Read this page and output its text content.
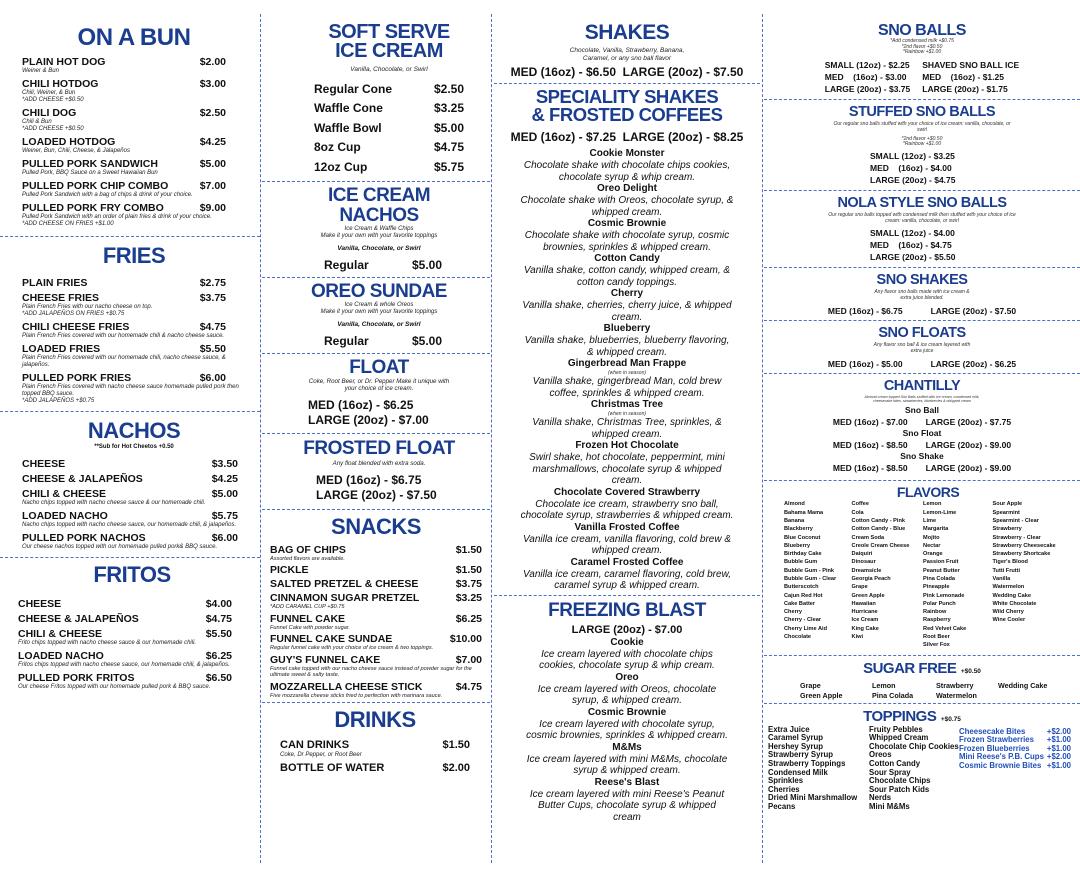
ON A BUN
PLAIN HOT DOG	$2.00
Weiner & Bun
CHILI HOTDOG	$3.00
Chili, Weiner, & Bun
*ADD CHEESE +$0.50
CHILI DOG	$2.50
Chili & Bun
*ADD CHEESE +$0.50
LOADED HOTDOG	$4.25
Weiner, Bun, Chili, Cheese, & Jalapeños
PULLED PORK SANDWICH	$5.00
Pulled Pork, BBQ Sauce on a Sweet Hawaiian Bun
PULLED PORK CHIP COMBO	$7.00
Pulled Pork Sandwich with a bag of chips & drink of your choice.
PULLED PORK FRY COMBO	$9.00
Pulled Pork Sandwich with an order of plain fries & drink of your choice.
*ADD CHEESE ON FRIES +$1.00
FRIES
PLAIN FRIES	$2.75
CHEESE FRIES	$3.75
Plain French Fries with our nacho cheese on top.
*ADD JALAPEÑOS ON FRIES +$0.75
CHILI CHEESE FRIES	$4.75
Plain French Fries covered with our homemade chili & nacho cheese sauce.
LOADED FRIES	$5.50
Plain French Fries covered with our homemade chili, nacho cheese sauce, & jalapeños.
PULLED PORK FRIES	$6.00
Plain French Fries covered with nacho cheese sauce homemade pulled pork then topped BBQ sauce.
*ADD JALAPEÑOS +$0.75
NACHOS
**Sub for Hot Cheetos +0.50
CHEESE	$3.50
CHEESE & JALAPEÑOS	$4.25
CHILI & CHEESE	$5.00
Nacho chips topped with nacho cheese sauce & our homemade chili.
LOADED NACHO	$5.75
Nacho chips topped with nacho cheese sauce, our homemade chili, & jalapeños.
PULLED PORK NACHOS	$6.00
Our cheese nachos topped with our homemade pulled pork& BBQ sauce.
FRITOS
CHEESE	$4.00
CHEESE & JALAPEÑOS	$4.75
CHILI & CHEESE	$5.50
Frito chips topped with nacho cheese sauce & our homemade chili.
LOADED NACHO	$6.25
Fritos chips topped with nacho cheese sauce, our homemade chili, & jalapeños.
PULLED PORK FRITOS	$6.50
Our cheese Fritos topped with our homemade pulled pork & BBQ sauce.
SOFT SERVE
ICE CREAM
Vanilla, Chocolate, or Swirl
Regular Cone	$2.50
Waffle Cone	$3.25
Waffle Bowl	$5.00
8oz Cup	$4.75
12oz Cup	$5.75
ICE CREAM NACHOS
Ice Cream & Waffle Chips
Make it your own with your favorite toppings
Vanilla, Chocolate, or Swirl
Regular	$5.00
OREO SUNDAE
Ice Cream & whole Oreos
Make it your own with your favorite toppings
Vanilla, Chocolate, or Swirl
Regular	$5.00
FLOAT
Coke, Root Beer, or Dr. Pepper Make it unique with your choice of ice cream.
MED (16oz) - $6.25
LARGE (20oz) - $7.00
FROSTED FLOAT
Any float blended with extra soda.
MED (16oz) - $6.75
LARGE (20oz) - $7.50
SNACKS
BAG OF CHIPS	$1.50
Assorted flavors are available.
PICKLE	$1.50
SALTED PRETZEL & CHEESE	$3.75
CINNAMON SUGAR PRETZEL	$3.25
*ADD CARAMEL CUP +$0.75
FUNNEL CAKE	$6.25
Funnel Cake with powder sugar.
FUNNEL CAKE SUNDAE	$10.00
Regular funnel cake with your choice of ice cream & two toppings.
GUY'S FUNNEL CAKE	$7.00
Funnel cake topped with our nacho cheese sauce instead of powder sugar for the ultimate sweet & salty taste.
MOZZARELLA CHEESE STICK	$4.75
Five mozzarella cheese sticks fried to perfection with marinara sauce.
DRINKS
CAN DRINKS	$1.50
Coke, Dr Pepper, or Root Beer
BOTTLE OF WATER	$2.00
SHAKES
Chocolate, Vanilla, Strawberry, Banana, Caramel, or any sno ball flavor
MED (16oz) - $6.50  LARGE (20oz) - $7.50
SPECIALITY SHAKES
& FROSTED COFFEES
MED (16oz) - $7.25  LARGE (20oz) - $8.25
Cookie Monster
Chocolate shake with chocolate chips cookies, chocolate syrup & whip cream.
Oreo Delight
Chocolate shake with Oreos, chocolate syrup, & whipped cream.
Cosmic Brownie
Chocolate shake with chocolate syrup, cosmic brownies, sprinkles & whipped cream.
Cotton Candy
Vanilla shake, cotton candy, whipped cream, & cotton candy toppings.
Cherry
Vanilla shake, cherries, cherry juice, & whipped cream.
Blueberry
Vanilla shake, blueberries, blueberry flavoring, & whipped cream.
Gingerbread Man Frappe
(when in season)
Vanilla shake, gingerbread Man, cold brew coffee, sprinkles & whipped cream.
Christmas Tree
(when in season)
Vanilla shake, Christmas Tree, sprinkles, & whipped cream.
Frozen Hot Chocolate
Swirl shake, hot chocolate, peppermint, mini marshmallows, chocolate syrup & whipped cream.
Chocolate Covered Strawberry
Chocolate ice cream, strawberry sno ball, chocolate syrup, strawberries & whipped cream.
Vanilla Frosted Coffee
Vanilla ice cream, vanilla flavoring, cold brew & whipped cream.
Caramel Frosted Coffee
Vanilla ice cream, caramel flavoring, cold brew, caramel syrup & whipped cream.
FREEZING BLAST
LARGE (20oz) - $7.00
Cookie
Ice cream layered with chocolate chips cookies, chocolate syrup & whip cream.
Oreo
Ice cream layered with Oreos, chocolate syrup, & whipped cream.
Cosmic Brownie
Ice cream layered with chocolate syrup, cosmic brownies, sprinkles & whipped cream.
M&Ms
Ice cream layered with mini M&Ms, chocolate syrup & whipped cream.
Reese's Blast
Ice cream layered with mini Reese's Peanut Butter Cups, chocolate syrup & whipped cream
SNO BALLS
*Add condensed milk +$0.75
*2nd flavor +$0.50
*Rainbow +$1.00
SMALL (12oz) - $2.25
MED    (16oz) - $3.00
LARGE (20oz) - $3.75
SHAVED SNO BALL ICE
MED    (16oz) - $1.25
LARGE (20oz) - $1.75
STUFFED SNO BALLS
Our regular sno balls stuffed with your choice of ice cream: vanilla, chocolate, or swirl
*2nd flavor +$0.50
*Rainbow +$1.00
SMALL (12oz) - $3.25
MED    (16oz) - $4.00
LARGE (20oz) - $4.75
NOLA STYLE SNO BALLS
Our regular sno balls topped with condensed milk then stuffed with your choice of ice cream: vanilla, chocolate, or swirl
SMALL (12oz) - $4.00
MED    (16oz) - $4.75
LARGE (20oz) - $5.50
SNO SHAKES
Any flavor sno balls made with ice cream & extra juice blended.
MED (16oz) - $6.75	LARGE (20oz) - $7.50
SNO FLOATS
Any flavor sno ball & ice cream layered with extra juice
MED (16oz) - $5.00	LARGE (20oz) - $6.25
CHANTILLY
Almond cream topped Sno Balls stuffed with ice cream, condensed milk, cheesecake bites, strawberries, blueberries & whipped cream
Sno Ball
MED (16oz) - $7.00 LARGE (20oz) - $7.75
Sno Float
MED (16oz) - $8.50 LARGE (20oz) - $9.00
Sno Shake
MED (16oz) - $8.50 LARGE (20oz) - $9.00
FLAVORS
Almond
Bahama Mama
Banana
Blackberry
Blue Coconut
Blueberry
Birthday Cake
Bubble Gum
Bubble Gum - Pink
Bubble Gum - Clear
Butterscotch
Cajun Red Hot
Cake Batter
Cherry
Cherry - Clear
Cherry Lime Aid
Chocolate
Coffee
Cola
Cotton Candy - Pink
Cotton Candy - Blue
Cream Soda
Creole Cream Cheese
Daiquiri
Dinosaur
Dreamsicle
Georgia Peach
Grape
Green Apple
Hawaiian
Hurricane
Ice Cream
King Cake
Kiwi
Lemon
Lemon-Lime
Lime
Margarita
Mojito
Nectar
Orange
Passion Fruit
Peanut Butter
Pina Colada
Pineapple
Pink Lemonade
Polar Punch
Rainbow
Raspberry
Red Velvet Cake
Root Beer
Silver Fox
Sour Apple
Spearmint
Spearmint - Clear
Strawberry
Strawberry - Clear
Strawberry Cheesecake
Strawberry Shortcake
Tiger's Blood
Tutti Frutti
Vanilla
Watermelon
Wedding Cake
White Chocolate
Wild Cherry
Wine Cooler
SUGAR FREE +$0.50
Grape	Lemon	Strawberry	Wedding Cake
Green Apple	Pina Colada	Watermelon
TOPPINGS +$0.75
Extra Juice
Caramel Syrup
Hershey Syrup
Strawberry Syrup
Strawberry Toppings
Condensed Milk
Sprinkles
Cherries
Dried Mini Marshmallow
Pecans
Fruity Pebbles
Whipped Cream
Chocolate Chip Cookies
Oreos
Cotton Candy
Sour Spray
Chocolate Chips
Sour Patch Kids
Nerds
Mini M&Ms
Cheesecake Bites	+$2.00
Frozen Strawberries +$1.00
Frozen Blueberries +$1.00
Mini Reese's P.B. Cups +$2.00
Cosmic Brownie Bites +$1.00
